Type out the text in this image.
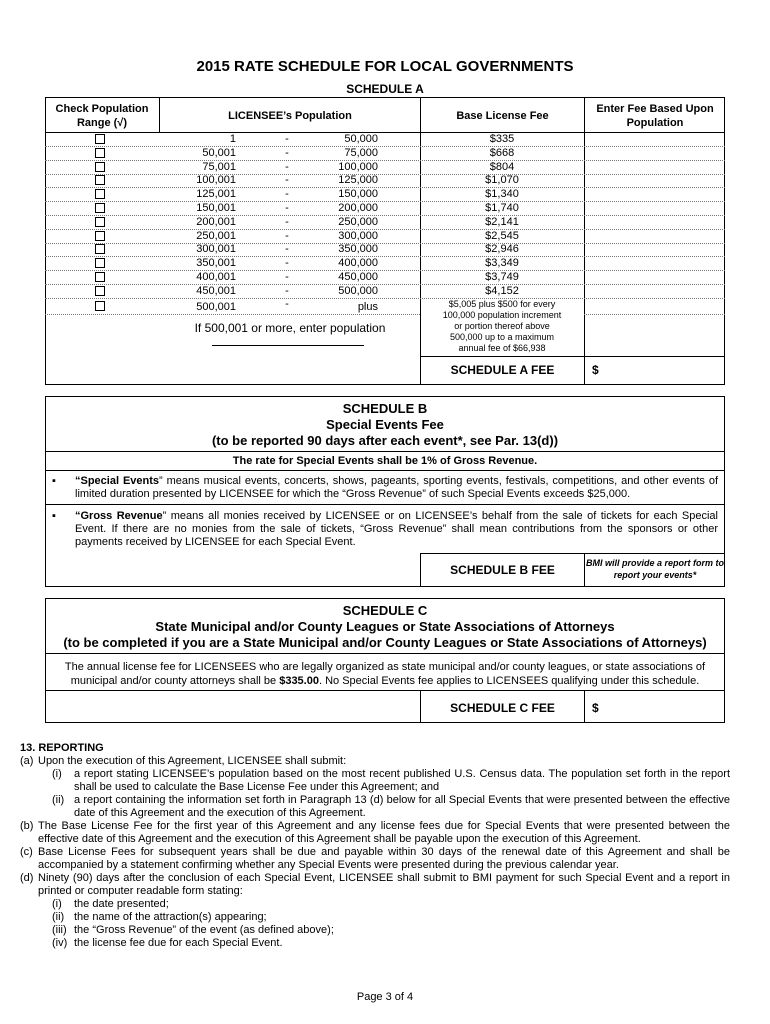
2015 RATE SCHEDULE FOR LOCAL GOVERNMENTS
SCHEDULE A
Check Population Range (√)
LICENSEE’s Population	Base License Fee
Enter Fee Based Upon Population
1	-	50,000	$335
50,001	-	75,000	$668
75,001	-	100,000	$804
100,001	-	125,000	$1,070
125,001	-	150,000	$1,340
150,001	-	200,000	$1,740
200,001	-	250,000	$2,141
250,001	-	300,000	$2,545
300,001	-	350,000	$2,946
350,001	-	400,000	$3,349
400,001	-	450,000	$3,749
450,001	-	500,000	$4,152
500,001	-	plus	$5,005 plus $500 for every
100,000 population increment
or portion thereof above
500,000 up to a maximum
annual fee of $66,938
If 500,001 or more, enter population
SCHEDULE A FEE	$
SCHEDULE B
Special Events Fee
(to be reported 90 days after each event*, see Par. 13(d))
The rate for Special Events shall be 1% of Gross Revenue.
▪ “Special Events” means musical events, concerts, shows, pageants, sporting events, festivals, competitions, and other events of limited duration presented by LICENSEE for which the “Gross Revenue” of such Special Events exceeds $25,000.
▪ “Gross Revenue” means all monies received by LICENSEE or on LICENSEE’s behalf from the sale of tickets for each Special Event. If there are no monies from the sale of tickets, “Gross Revenue” shall mean contributions from the sponsors or other payments received by LICENSEE for each Special Event.
SCHEDULE B FEE	BMI will provide a report form to report your events*
SCHEDULE C
State Municipal and/or County Leagues or State Associations of Attorneys
(to be completed if you are a State Municipal and/or County Leagues or State Associations of Attorneys)
The annual license fee for LICENSEES who are legally organized as state municipal and/or county leagues, or state associations of municipal and/or county attorneys shall be $335.00. No Special Events fee applies to LICENSEES qualifying under this schedule.
SCHEDULE C FEE	$
13. REPORTING
(a) Upon the execution of this Agreement, LICENSEE shall submit:
(i) a report stating LICENSEE’s population based on the most recent published U.S. Census data. The population set forth in the report shall be used to calculate the Base License Fee under this Agreement; and
(ii) a report containing the information set forth in Paragraph 13 (d) below for all Special Events that were presented between the effective date of this Agreement and the execution of this Agreement.
(b) The Base License Fee for the first year of this Agreement and any license fees due for Special Events that were presented between the effective date of this Agreement and the execution of this Agreement shall be payable upon the execution of this Agreement.
(c) Base License Fees for subsequent years shall be due and payable within 30 days of the renewal date of this Agreement and shall be accompanied by a statement confirming whether any Special Events were presented during the previous calendar year.
(d) Ninety (90) days after the conclusion of each Special Event, LICENSEE shall submit to BMI payment for such Special Event and a report in printed or computer readable form stating:
(i) the date presented;
(ii) the name of the attraction(s) appearing;
(iii) the “Gross Revenue” of the event (as defined above);
(iv) the license fee due for each Special Event.
Page 3 of 4
